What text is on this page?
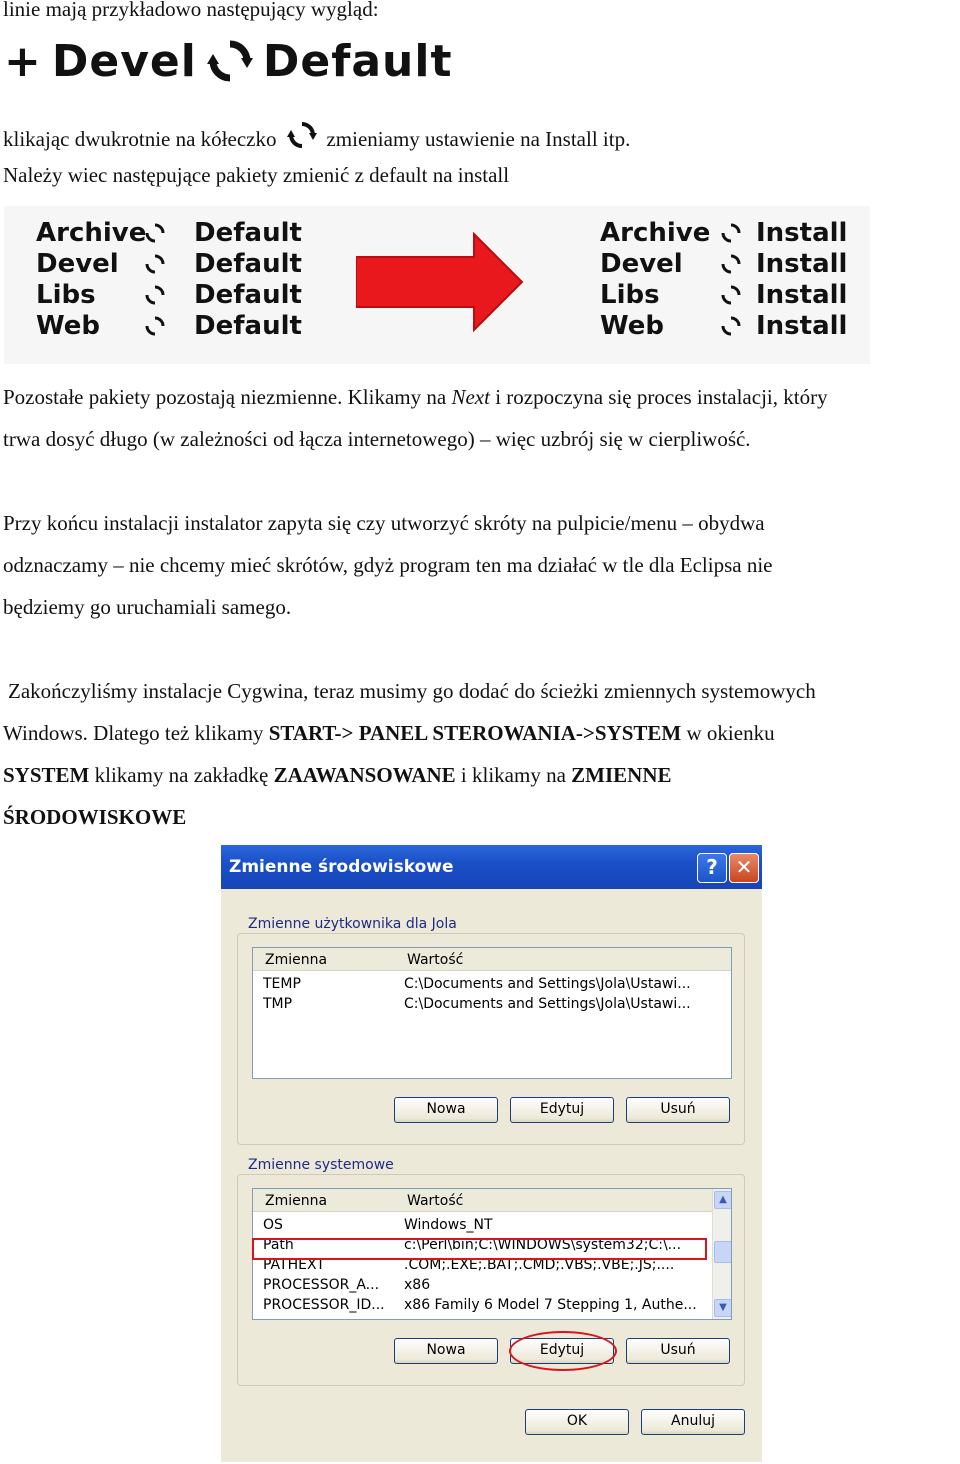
linie mają przykładowo następujący wygląd:
+ Devel Default
klikając dwukrotnie na kółeczko zmieniamy ustawienie na Install itp.
Należy wiec następujące pakiety zmienić z default na install
Archive Default
Devel	Default
Libs	Default
Web	Default
Archive Install
Devel	Install
Libs	Install
Web	Install
Pozostałe pakiety pozostają niezmienne. Klikamy na Next i rozpoczyna się proces instalacji, który
trwa dosyć długo (w zależności od łącza internetowego) – więc uzbrój się w cierpliwość.
Przy końcu instalacji instalator zapyta się czy utworzyć skróty na pulpicie/menu – obydwa
odznaczamy – nie chcemy mieć skrótów, gdyż program ten ma działać w tle dla Eclipsa nie
będziemy go uruchamiali samego.
Zakończyliśmy instalacje Cygwina, teraz musimy go dodać do ścieżki zmiennych systemowych
Windows. Dlatego też klikamy START-> PANEL STEROWANIA->SYSTEM w okienku
SYSTEM klikamy na zakładkę ZAAWANSOWANE i klikamy na ZMIENNE
ŚRODOWISKOWE
Zmienne środowiskowe	? ✕
Zmienne użytkownika dla Jola
Zmienna	Wartość
TEMP	C:\Documents and Settings\Jola\Ustawi...
TMP	C:\Documents and Settings\Jola\Ustawi...
Nowa	Edytuj	Usuń
Zmienne systemowe
Zmienna	Wartość
OS	Windows_NT
Path	c:\Perl\bin;C:\WINDOWS\system32;C:\...
PATHEXT	.COM;.EXE;.BAT;.CMD;.VBS;.VBE;.JS;....
PROCESSOR_A... x86
PROCESSOR_ID... x86 Family 6 Model 7 Stepping 1, Authe...
▲
▼
Nowa	Edytuj	Usuń
OK	Anuluj
